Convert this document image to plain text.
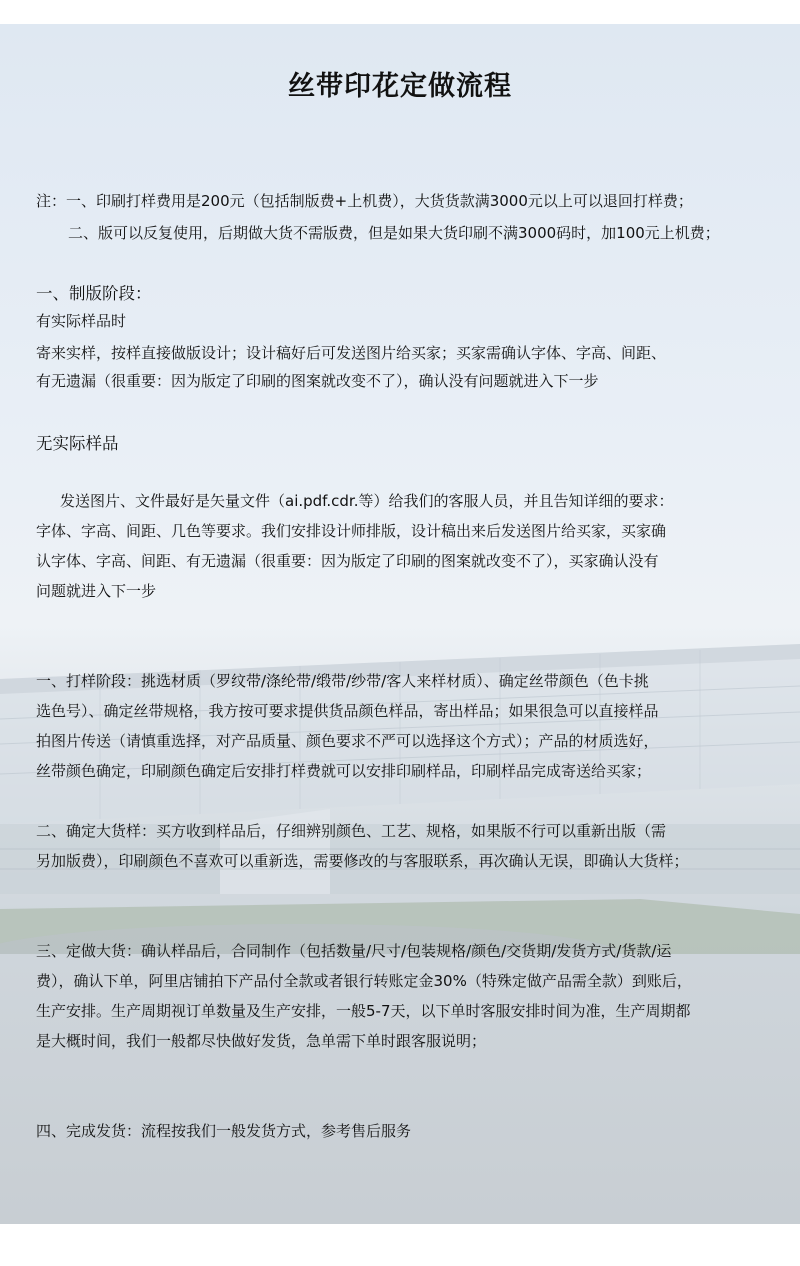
丝带印花定做流程
注：一、印刷打样费用是200元（包括制版费+上机费），大货货款满3000元以上可以退回打样费；
二、版可以反复使用，后期做大货不需版费，但是如果大货印刷不满3000码时，加100元上机费；
一、制版阶段：
有实际样品时
寄来实样，按样直接做版设计；设计稿好后可发送图片给买家；买家需确认字体、字高、间距、
有无遗漏（很重要：因为版定了印刷的图案就改变不了），确认没有问题就进入下一步
无实际样品
发送图片、文件最好是矢量文件（ai.pdf.cdr.等）给我们的客服人员，并且告知详细的要求：
字体、字高、间距、几色等要求。我们安排设计师排版，设计稿出来后发送图片给买家，买家确
认字体、字高、间距、有无遗漏（很重要：因为版定了印刷的图案就改变不了），买家确认没有
问题就进入下一步
一、打样阶段：挑选材质（罗纹带/涤纶带/缎带/纱带/客人来样材质）、确定丝带颜色（色卡挑
选色号）、确定丝带规格，我方按可要求提供货品颜色样品，寄出样品；如果很急可以直接样品
拍图片传送（请慎重选择，对产品质量、颜色要求不严可以选择这个方式）；产品的材质选好，
丝带颜色确定，印刷颜色确定后安排打样费就可以安排印刷样品，印刷样品完成寄送给买家；
二、确定大货样：买方收到样品后，仔细辨别颜色、工艺、规格，如果版不行可以重新出版（需
另加版费），印刷颜色不喜欢可以重新选，需要修改的与客服联系，再次确认无误，即确认大货样；
三、定做大货：确认样品后，合同制作（包括数量/尺寸/包装规格/颜色/交货期/发货方式/货款/运
费），确认下单，阿里店铺拍下产品付全款或者银行转账定金30%（特殊定做产品需全款）到账后，
生产安排。生产周期视订单数量及生产安排，一般5-7天，以下单时客服安排时间为准，生产周期都
是大概时间，我们一般都尽快做好发货，急单需下单时跟客服说明；
四、完成发货：流程按我们一般发货方式，参考售后服务
